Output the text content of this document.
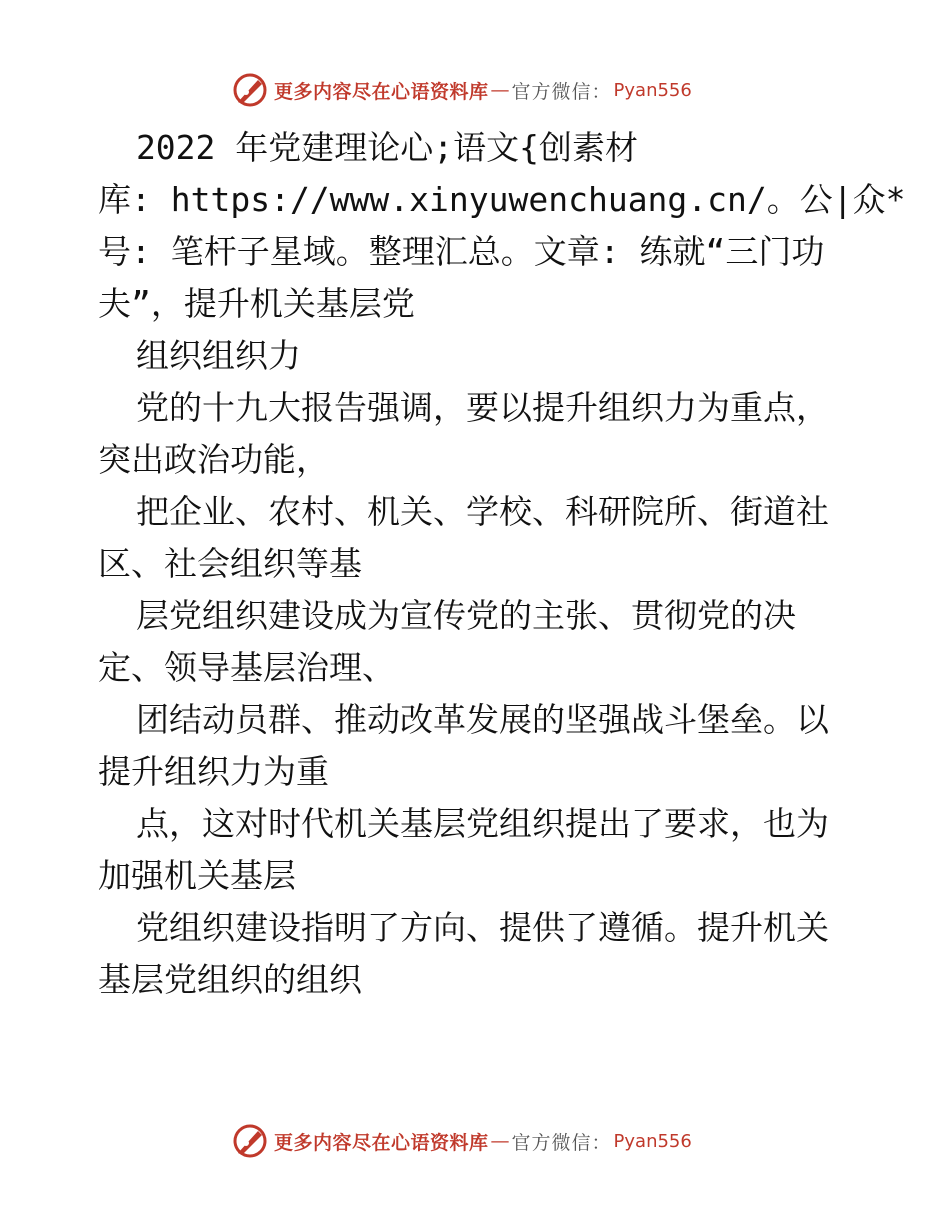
更多内容尽在心语资料库 — 官方微信： Pyan556

2022 年党建理论心;语文{创素材
库: https://www.xinyuwenchuang.cn/。公|众*
号: 笔杆子星域。整理汇总。文章: 练就“三门功
夫”，提升机关基层党

组织组织力

党的十九大报告强调，要以提升组织力为重点，
突出政治功能，

把企业、农村、机关、学校、科研院所、街道社
区、社会组织等基

层党组织建设成为宣传党的主张、贯彻党的决
定、领导基层治理、

团结动员群、推动改革发展的坚强战斗堡垒。以
提升组织力为重

点，这对时代机关基层党组织提出了要求，也为
加强机关基层

党组织建设指明了方向、提供了遵循。提升机关
基层党组织的组织

更多内容尽在心语资料库 — 官方微信： Pyan556
